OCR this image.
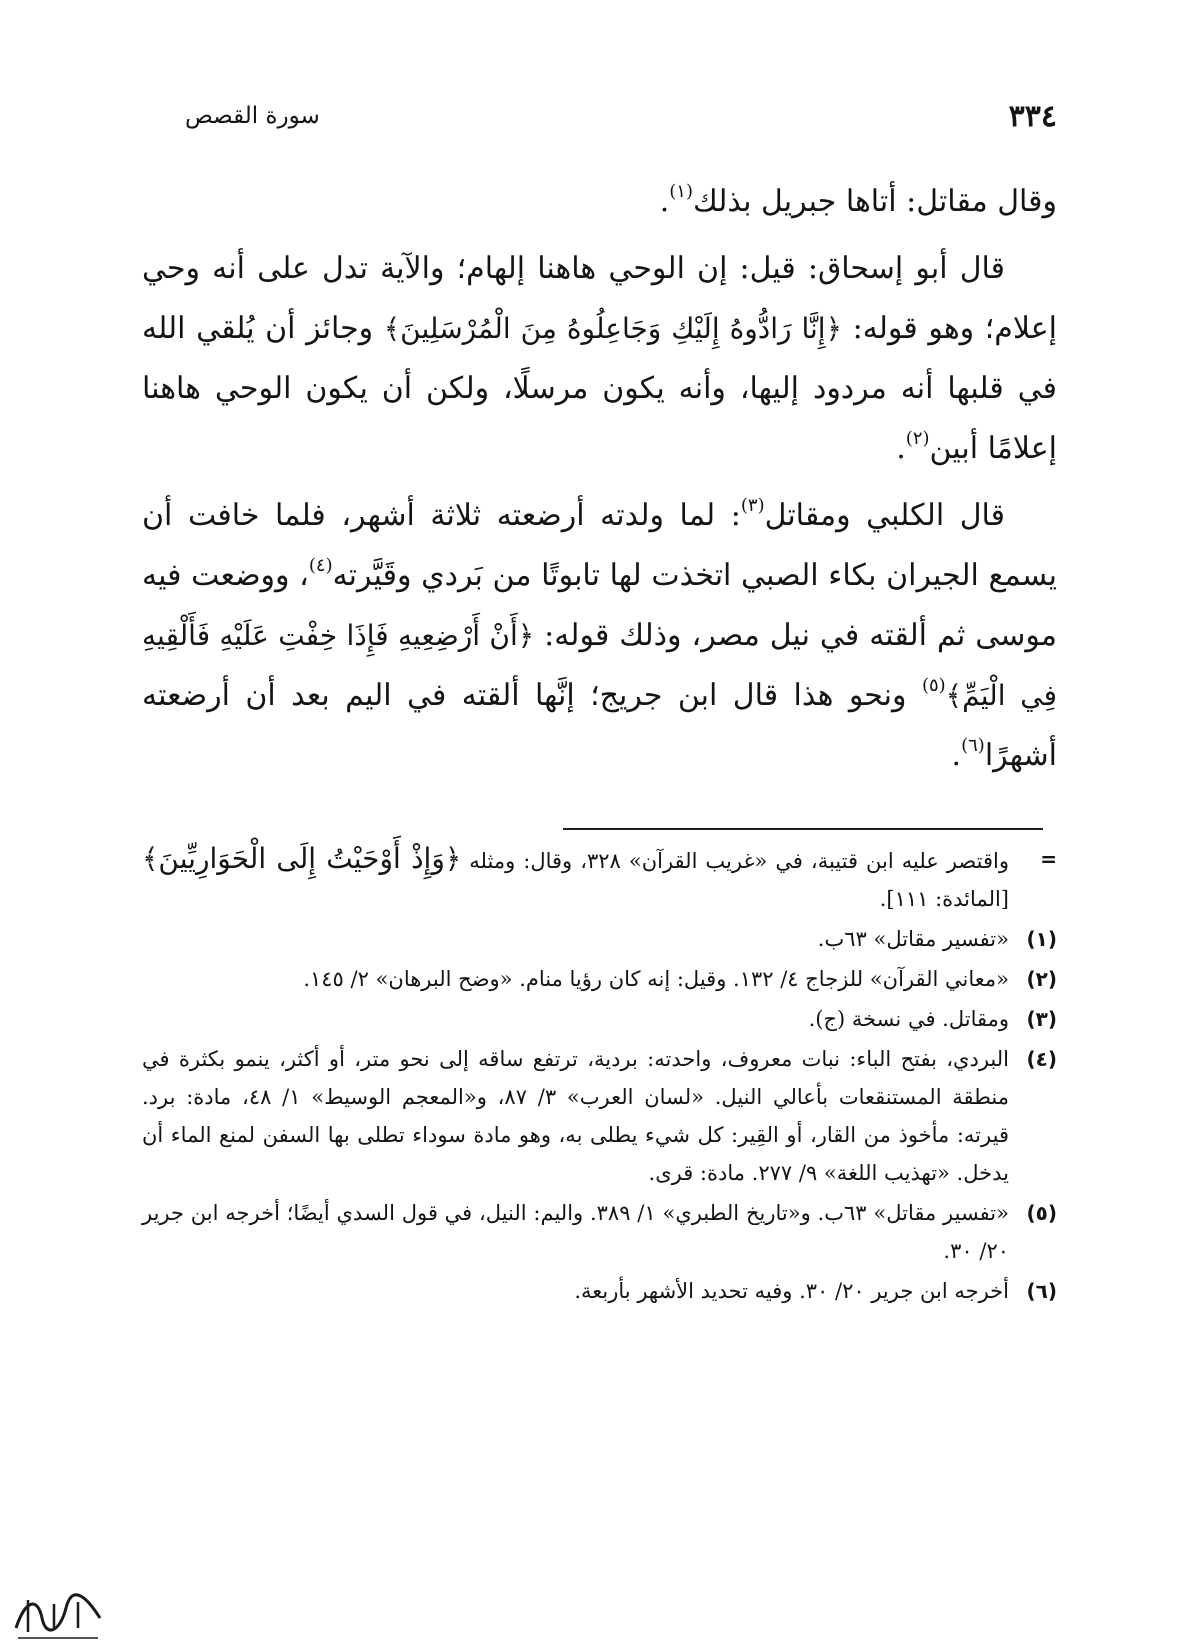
٣٣٤
سورة القصص

وقال مقاتل: أتاها جبريل بذلك$^{(١)}$.

قال أبو إسحاق: قيل: إن الوحي هاهنا إلهام؛ والآية تدل على أنه وحي إعلام؛ وهو قوله: ﴿إِنَّا رَادُّوهُ إِلَيْكِ وَجَاعِلُوهُ مِنَ الْمُرْسَلِينَ﴾ وجائز أن يُلقي الله في قلبها أنه مردود إليها، وأنه يكون مرسلًا، ولكن أن يكون الوحي هاهنا إعلامًا أبين$^{(٢)}$.

قال الكلبي ومقاتل$^{(٣)}$: لما ولدته أرضعته ثلاثة أشهر، فلما خافت أن يسمع الجيران بكاء الصبي اتخذت لها تابوتًا من بَردي وقَيَّرته$^{(٤)}$، ووضعت فيه موسى ثم ألقته في نيل مصر، وذلك قوله: ﴿أَنْ أَرْضِعِيهِ فَإِذَا خِفْتِ عَلَيْهِ فَأَلْقِيهِ فِي الْيَمِّ﴾$^{(٥)}$ ونحو هذا قال ابن جريج؛ إنَّها ألقته في اليم بعد أن أرضعته أشهرًا$^{(٦)}$.

=
واقتصر عليه ابن قتيبة، في «غريب القرآن» ٣٢٨، وقال: ومثله ﴿وَإِذْ أَوْحَيْتُ إِلَى الْحَوَارِيِّينَ﴾ [المائدة: ١١١].
(١)
«تفسير مقاتل» ٦٣ب.
(٢)
«معاني القرآن» للزجاج ٤/ ١٣٢. وقيل: إنه كان رؤيا منام. «وضح البرهان» ٢/ ١٤٥.
(٣)
ومقاتل. في نسخة (ج).
(٤)
البردي، بفتح الباء: نبات معروف، واحدته: بردية، ترتفع ساقه إلى نحو متر، أو أكثر، ينمو بكثرة في منطقة المستنقعات بأعالي النيل. «لسان العرب» ٣/ ٨٧، و«المعجم الوسيط» ١/ ٤٨، مادة: برد. قيرته: مأخوذ من القار، أو القِير: كل شيء يطلى به، وهو مادة سوداء تطلى بها السفن لمنع الماء أن يدخل. «تهذيب اللغة» ٩/ ٢٧٧. مادة: قرى.
(٥)
«تفسير مقاتل» ٦٣ب. و«تاريخ الطبري» ١/ ٣٨٩. واليم: النيل، في قول السدي أيضًا؛ أخرجه ابن جرير ٢٠/ ٣٠.
(٦)
أخرجه ابن جرير ٢٠/ ٣٠. وفيه تحديد الأشهر بأربعة.
